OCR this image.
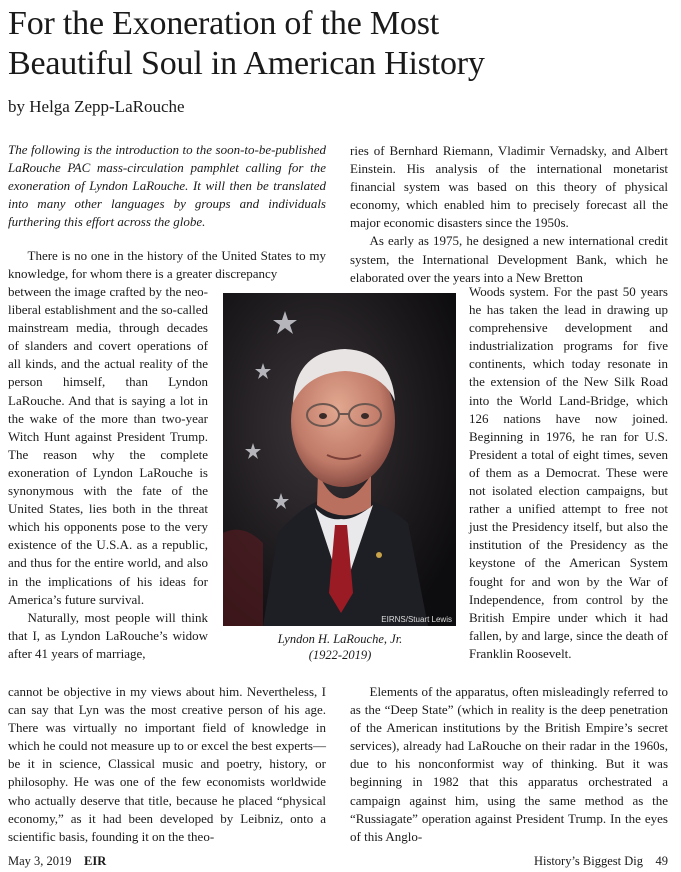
For the Exoneration of the Most
Beautiful Soul in American History
by Helga Zepp-LaRouche
The following is the introduction to the soon-to-be-published LaRouche PAC mass-circulation pamphlet calling for the exoneration of Lyndon LaRouche. It will then be translated into many other languages by groups and individuals furthering this effort across the globe.

There is no one in the history of the United States to my knowledge, for whom there is a greater discrepancy

between the image crafted by the neo-liberal establishment and the so-called mainstream media, through decades of slanders and covert operations of all kinds, and the actual reality of the person himself, than Lyndon LaRouche. And that is saying a lot in the wake of the more than two-year Witch Hunt against President Trump. The reason why the complete exoneration of Lyndon LaRouche is synonymous with the fate of the United States, lies both in the threat which his opponents pose to the very existence of the U.S.A. as a republic, and thus for the entire world, and also in the implications of his ideas for America’s future survival.

Naturally, most people will think that I, as Lyndon LaRouche’s widow after 41 years of marriage,

cannot be objective in my views about him. Nevertheless, I can say that Lyn was the most creative person of his age. There was virtually no important field of knowledge in which he could not measure up to or excel the best experts—be it in science, Classical music and poetry, history, or philosophy. He was one of the few economists worldwide who actually deserve that title, because he placed “physical economy,” as it had been developed by Leibniz, onto a scientific basis, founding it on the theo-

ries of Bernhard Riemann, Vladimir Vernadsky, and Albert Einstein. His analysis of the international monetarist financial system was based on this theory of physical economy, which enabled him to precisely forecast all the major economic disasters since the 1950s.

As early as 1975, he designed a new international credit system, the International Development Bank, which he elaborated over the years into a New Bretton

Woods system. For the past 50 years he has taken the lead in drawing up comprehensive development and industrialization programs for five continents, which today resonate in the extension of the New Silk Road into the World Land-Bridge, which 126 nations have now joined. Beginning in 1976, he ran for U.S. President a total of eight times, seven of them as a Democrat. These were not isolated election campaigns, but rather a unified attempt to free not just the Presidency itself, but also the institution of the Presidency as the keystone of the American System fought for and won by the War of Independence, from control by the British Empire under which it had fallen, by and large, since the death of Franklin Roosevelt.

Elements of the apparatus, often misleadingly referred to as the “Deep State” (which in reality is the deep penetration of the American institutions by the British Empire’s secret services), already had LaRouche on their radar in the 1960s, due to his nonconformist way of thinking. But it was beginning in 1982 that this apparatus orchestrated a campaign against him, using the same method as the “Russiagate” operation against President Trump. In the eyes of this Anglo-

EIRNS/Stuart Lewis
Lyndon H. LaRouche, Jr.
(1922-2019)
May 3, 2019 EIR	History’s Biggest Dig 49
